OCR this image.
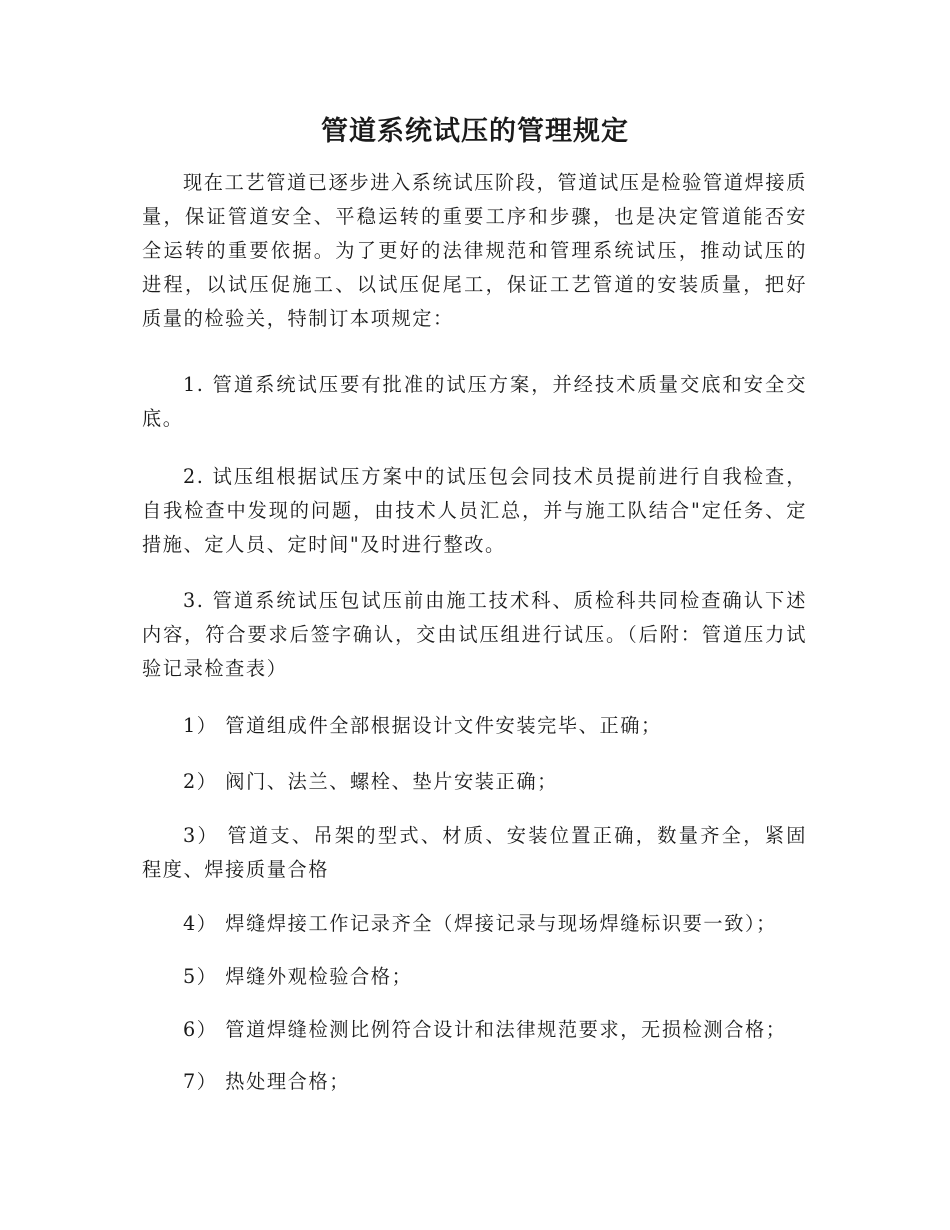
管道系统试压的管理规定

现在工艺管道已逐步进入系统试压阶段，管道试压是检验管道焊接质量，保证管道安全、平稳运转的重要工序和步骤，也是决定管道能否安全运转的重要依据。为了更好的法律规范和管理系统试压，推动试压的进程，以试压促施工、以试压促尾工，保证工艺管道的安装质量，把好质量的检验关，特制订本项规定：

1. 管道系统试压要有批准的试压方案，并经技术质量交底和安全交底。

2. 试压组根据试压方案中的试压包会同技术员提前进行自我检查，自我检查中发现的问题，由技术人员汇总，并与施工队结合"定任务、定措施、定人员、定时间"及时进行整改。

3. 管道系统试压包试压前由施工技术科、质检科共同检查确认下述内容，符合要求后签字确认，交由试压组进行试压。（后附：管道压力试验记录检查表）

1） 管道组成件全部根据设计文件安装完毕、正确；

2） 阀门、法兰、螺栓、垫片安装正确；

3） 管道支、吊架的型式、材质、安装位置正确，数量齐全，紧固程度、焊接质量合格

4） 焊缝焊接工作记录齐全（焊接记录与现场焊缝标识要一致）；

5） 焊缝外观检验合格；

6） 管道焊缝检测比例符合设计和法律规范要求，无损检测合格；

7） 热处理合格；
